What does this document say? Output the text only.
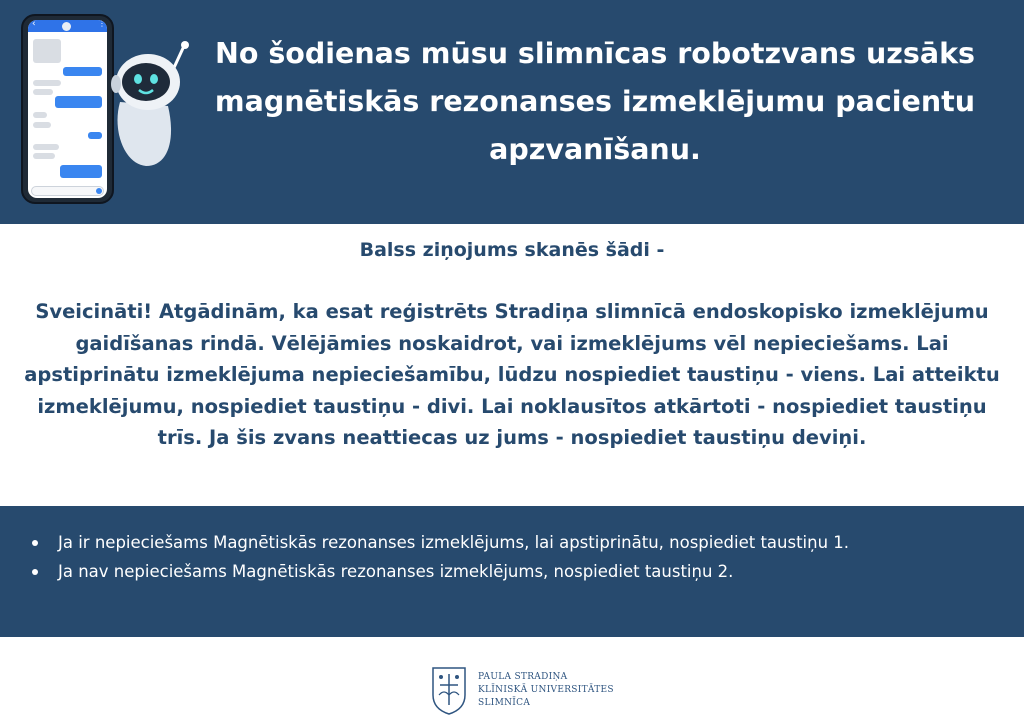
‹	⋮
No šodienas mūsu slimnīcas robotzvans uzsāks magnētiskās rezonanses izmeklējumu pacientu apzvanīšanu.
Balss ziņojums skanēs šādi -
Sveicināti! Atgādinām, ka esat reģistrēts Stradiņa slimnīcā endoskopisko izmeklējumu gaidīšanas rindā. Vēlējāmies noskaidrot, vai izmeklējums vēl nepieciešams. Lai apstiprinātu izmeklējuma nepieciešamību, lūdzu nospiediet taustiņu - viens. Lai atteiktu izmeklējumu, nospiediet taustiņu - divi. Lai noklausītos atkārtoti - nospiediet taustiņu trīs. Ja šis zvans neattiecas uz jums - nospiediet taustiņu deviņi.
Ja ir nepieciešams Magnētiskās rezonanses izmeklējums, lai apstiprinātu, nospiediet taustiņu 1.
Ja nav nepieciešams Magnētiskās rezonanses izmeklējums, nospiediet taustiņu 2.
PAULA STRADIŅA
KLĪNISKĀ UNIVERSITĀTES
SLIMNĪCA
